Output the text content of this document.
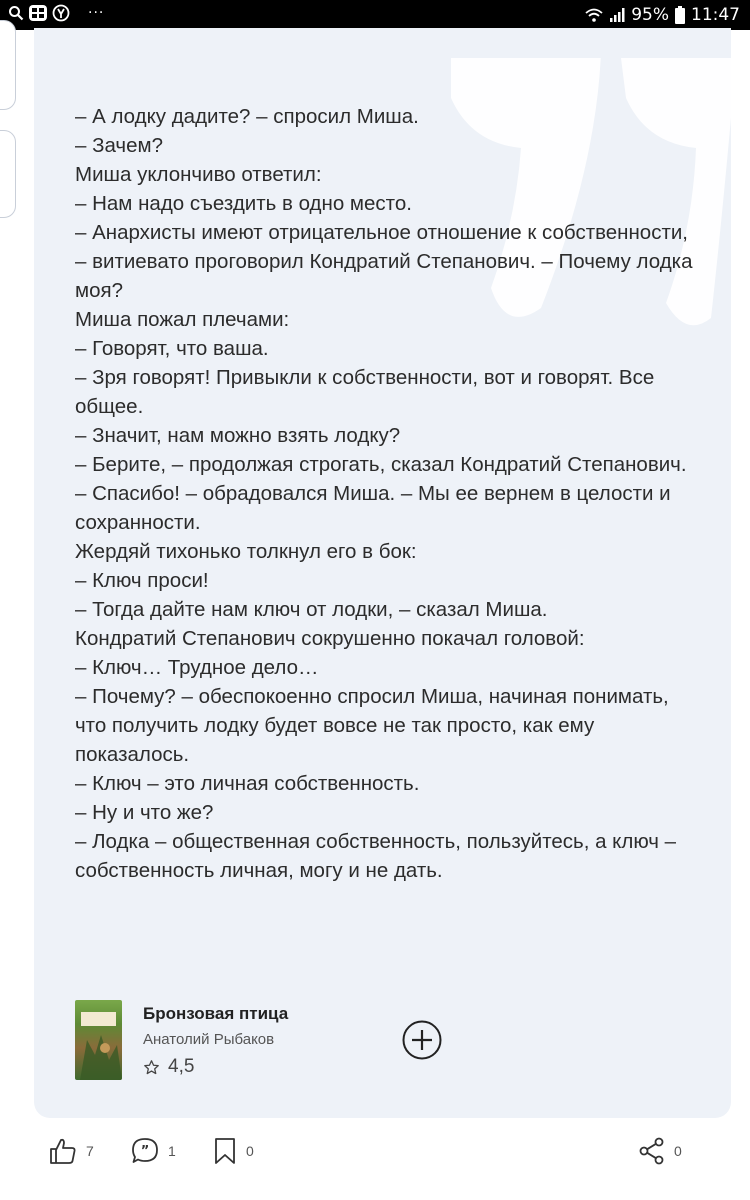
···	95% 11:47

– А лодку дадите? – спросил Миша.

– Зачем?

Миша уклончиво ответил:

– Нам надо съездить в одно место.

– Анархисты имеют отрицательное отношение к собственности, – витиевато проговорил Кондратий Степанович. – Почему лодка моя?

Миша пожал плечами:

– Говорят, что ваша.

– Зря говорят! Привыкли к собственности, вот и говорят. Все общее.

– Значит, нам можно взять лодку?

– Берите, – продолжая строгать, сказал Кондратий Степанович.

– Спасибо! – обрадовался Миша. – Мы ее вернем в целости и сохранности.

Жердяй тихонько толкнул его в бок:

– Ключ проси!

– Тогда дайте нам ключ от лодки, – сказал Миша.

Кондратий Степанович сокрушенно покачал головой:

– Ключ… Трудное дело…

– Почему? – обеспокоенно спросил Миша, начиная понимать, что получить лодку будет вовсе не так просто, как ему показалось.

– Ключ – это личная собственность.

– Ну и что же?

– Лодка – общественная собственность, пользуйтесь, а ключ – собственность личная, могу и не дать.

Бронзовая птица
Анатолий Рыбаков
4,5
7	” 1	0	0
